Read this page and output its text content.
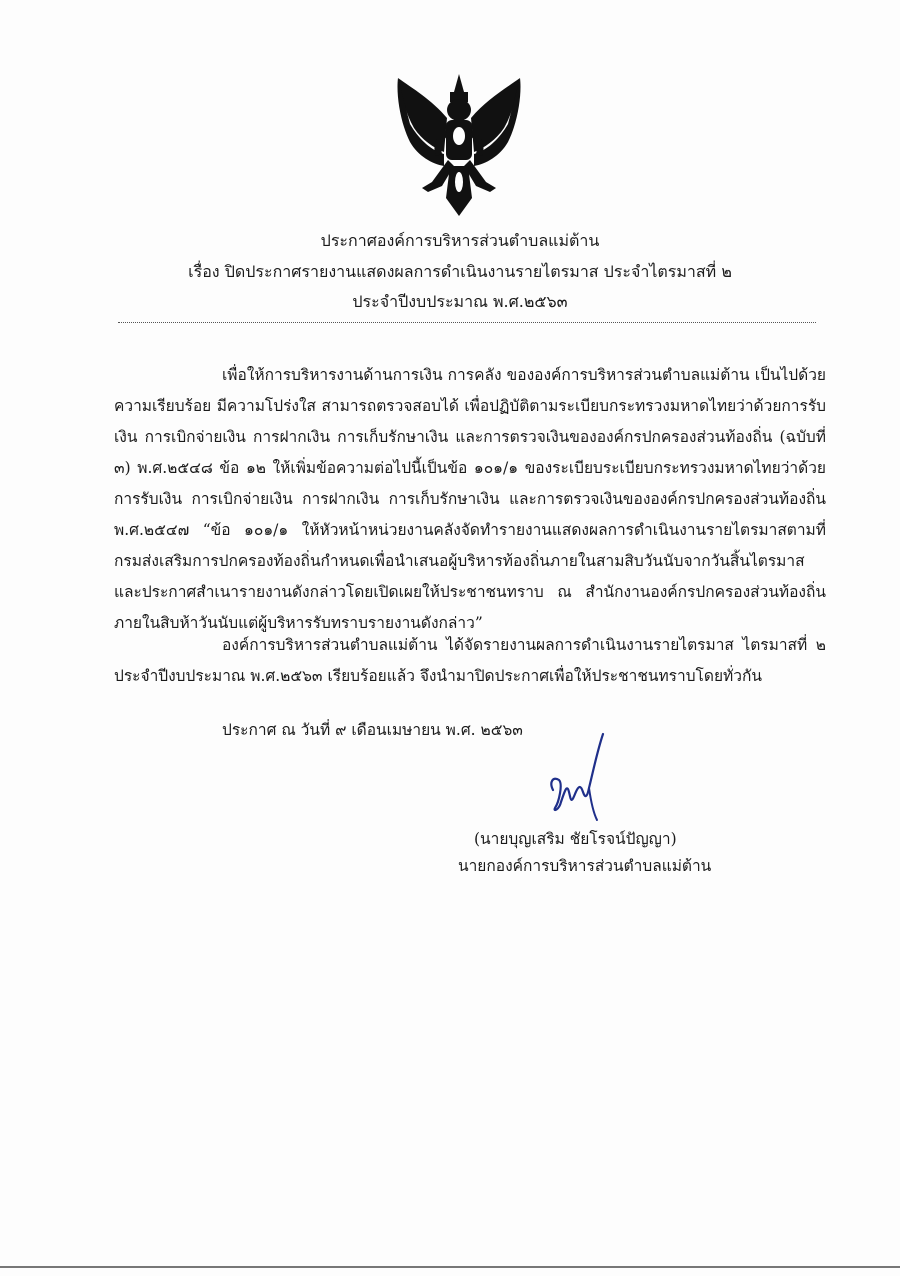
ประกาศองค์การบริหารส่วนตำบลแม่ต้าน
เรื่อง ปิดประกาศรายงานแสดงผลการดำเนินงานรายไตรมาส ประจำไตรมาสที่ ๒
ประจำปีงบประมาณ พ.ศ.๒๕๖๓

เพื่อให้การบริหารงานด้านการเงิน การคลัง ขององค์การบริหารส่วนตำบลแม่ต้าน เป็นไปด้วยความเรียบร้อย มีความโปร่งใส สามารถตรวจสอบได้ เพื่อปฏิบัติตามระเบียบกระทรวงมหาดไทยว่าด้วยการรับเงิน การเบิกจ่ายเงิน การฝากเงิน การเก็บรักษาเงิน และการตรวจเงินขององค์กรปกครองส่วนท้องถิ่น (ฉบับที่ ๓) พ.ศ.๒๕๔๘ ข้อ ๑๒ ให้เพิ่มข้อความต่อไปนี้เป็นข้อ ๑๐๑/๑ ของระเบียบระเบียบกระทรวงมหาดไทยว่าด้วยการรับเงิน การเบิกจ่ายเงิน การฝากเงิน การเก็บรักษาเงิน และการตรวจเงินขององค์กรปกครองส่วนท้องถิ่น พ.ศ.๒๕๔๗ “ข้อ ๑๐๑/๑ ให้หัวหน้าหน่วยงานคลังจัดทำรายงานแสดงผลการดำเนินงานรายไตรมาสตามที่กรมส่งเสริมการปกครองท้องถิ่นกำหนดเพื่อนำเสนอผู้บริหารท้องถิ่นภายในสามสิบวันนับจากวันสิ้นไตรมาส และประกาศสำเนารายงานดังกล่าวโดยเปิดเผยให้ประชาชนทราบ ณ สำนักงานองค์กรปกครองส่วนท้องถิ่นภายในสิบห้าวันนับแต่ผู้บริหารรับทราบรายงานดังกล่าว”

องค์การบริหารส่วนตำบลแม่ต้าน ได้จัดรายงานผลการดำเนินงานรายไตรมาส ไตรมาสที่ ๒ ประจำปีงบประมาณ พ.ศ.๒๕๖๓ เรียบร้อยแล้ว จึงนำมาปิดประกาศเพื่อให้ประชาชนทราบโดยทั่วกัน

ประกาศ ณ วันที่ ๙ เดือนเมษายน พ.ศ. ๒๕๖๓
(นายบุญเสริม ชัยโรจน์ปัญญา)
นายกองค์การบริหารส่วนตำบลแม่ต้าน
